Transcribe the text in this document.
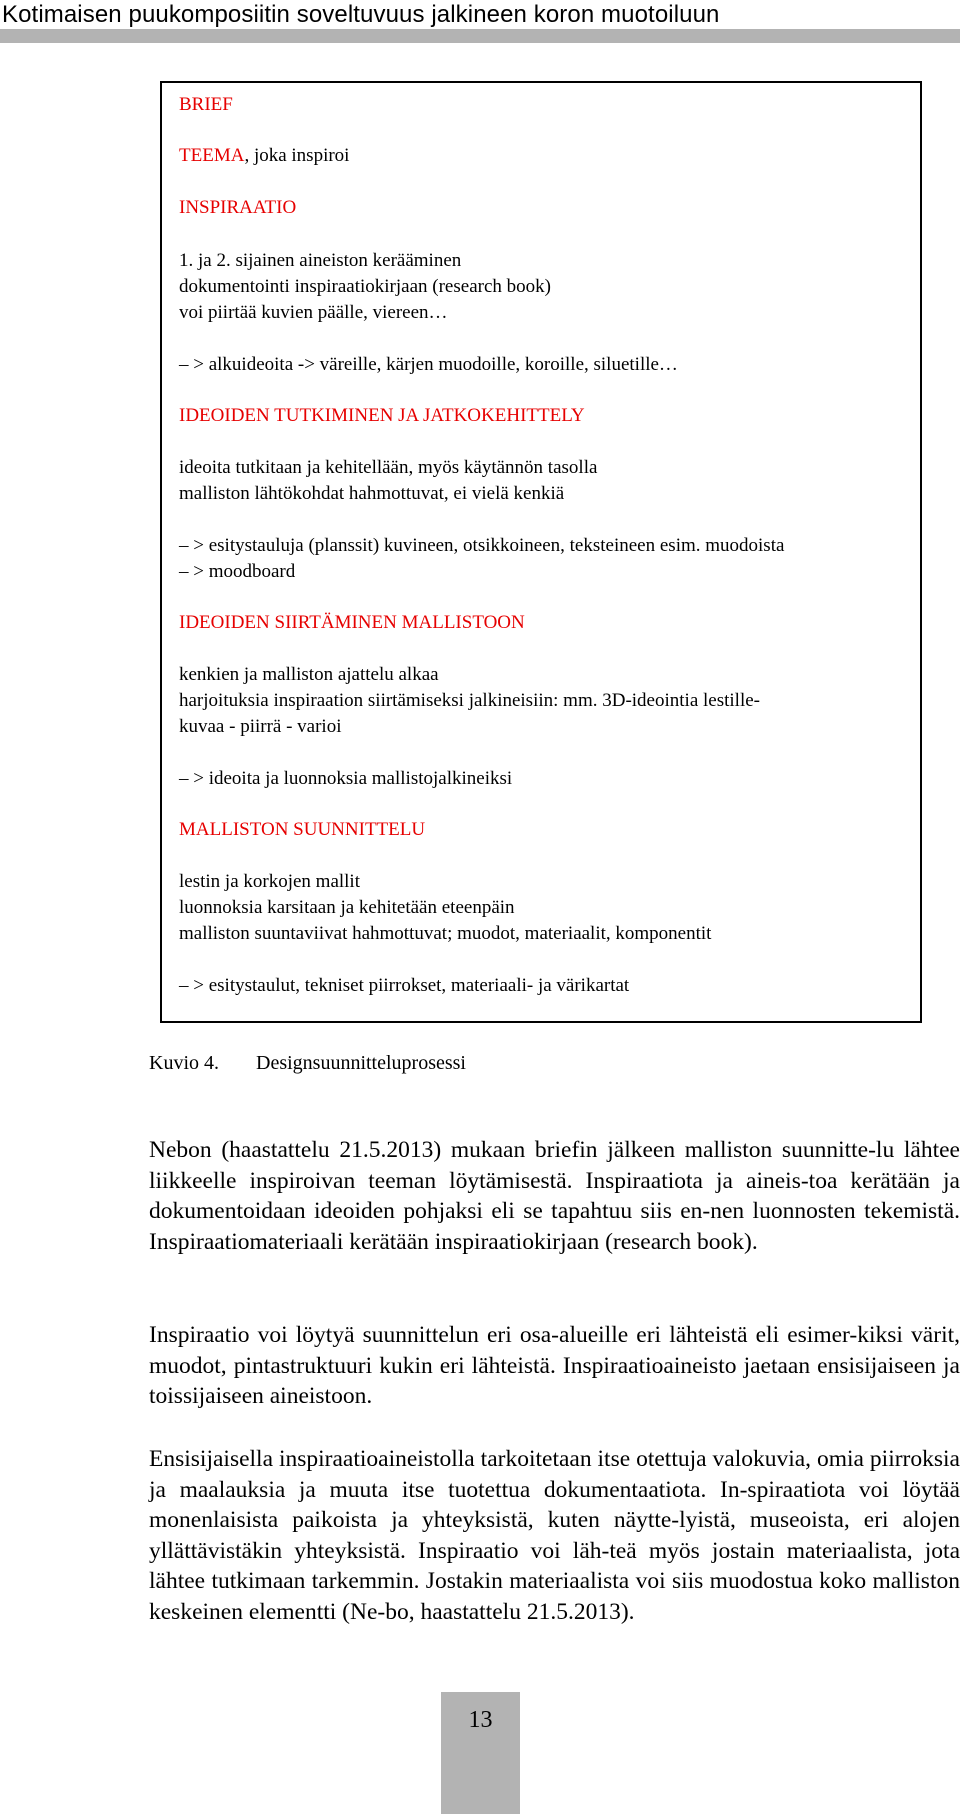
Kotimaisen puukomposiitin soveltuvuus jalkineen koron muotoiluun
BRIEF
TEEMA, joka inspiroi
INSPIRAATIO
1. ja 2. sijainen aineiston kerääminen
dokumentointi inspiraatiokirjaan (research book)
voi piirtää kuvien päälle, viereen…
– > alkuideoita -> väreille, kärjen muodoille, koroille, siluetille…
IDEOIDEN TUTKIMINEN JA JATKOKEHITTELY
ideoita tutkitaan ja kehitellään, myös käytännön tasolla
malliston lähtökohdat hahmottuvat, ei vielä kenkiä
– > esitystauluja (planssit) kuvineen, otsikkoineen, teksteineen esim. muodoista
– > moodboard
IDEOIDEN SIIRTÄMINEN MALLISTOON
kenkien ja malliston ajattelu alkaa
harjoituksia inspiraation siirtämiseksi jalkineisiin: mm. 3D-ideointia lestille-
kuvaa - piirrä - varioi
– > ideoita ja luonnoksia mallistojalkineiksi
MALLISTON SUUNNITTELU
lestin ja korkojen mallit
luonnoksia karsitaan ja kehitetään eteenpäin
malliston suuntaviivat hahmottuvat; muodot, materiaalit, komponentit
– > esitystaulut, tekniset piirrokset, materiaali- ja värikartat
Kuvio 4. Designsuunnitteluprosessi

Nebon (haastattelu 21.5.2013) mukaan briefin jälkeen malliston suunnitte-lu lähtee liikkeelle inspiroivan teeman löytämisestä. Inspiraatiota ja aineis-toa kerätään ja dokumentoidaan ideoiden pohjaksi eli se tapahtuu siis en-nen luonnosten tekemistä. Inspiraatiomateriaali kerätään inspiraatiokirjaan (research book).

Inspiraatio voi löytyä suunnittelun eri osa-alueille eri lähteistä eli esimer-kiksi värit, muodot, pintastruktuuri kukin eri lähteistä. Inspiraatioaineisto jaetaan ensisijaiseen ja toissijaiseen aineistoon.

Ensisijaisella inspiraatioaineistolla tarkoitetaan itse otettuja valokuvia, omia piirroksia ja maalauksia ja muuta itse tuotettua dokumentaatiota. In-spiraatiota voi löytää monenlaisista paikoista ja yhteyksistä, kuten näytte-lyistä, museoista, eri alojen yllättävistäkin yhteyksistä. Inspiraatio voi läh-teä myös jostain materiaalista, jota lähtee tutkimaan tarkemmin. Jostakin materiaalista voi siis muodostua koko malliston keskeinen elementti (Ne-bo, haastattelu 21.5.2013).

13
